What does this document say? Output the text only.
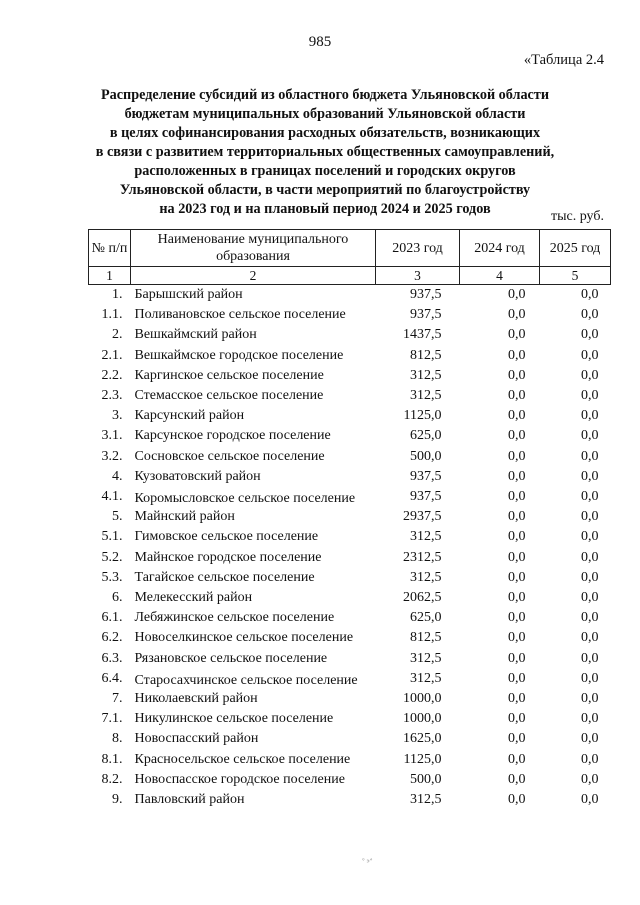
985
«Таблица 2.4
Распределение субсидий из областного бюджета Ульяновской области
бюджетам муниципальных образований Ульяновской области
в целях софинансирования расходных обязательств, возникающих
в связи с развитием территориальных общественных самоуправлений,
расположенных в границах поселений и городских округов
Ульяновской области, в части мероприятий по благоустройству
на 2023 год и на плановый период 2024 и 2025 годов	тыс. руб.
№ п/п	Наименование муниципального образования	2023 год	2024 год	2025 год
1	2	3	4	5
1.	Барышский район	937,5	0,0	0,0
1.1.	Поливановское сельское поселение	937,5	0,0	0,0
2.	Вешкаймский район	1437,5	0,0	0,0
2.1.	Вешкаймское городское поселение	812,5	0,0	0,0
2.2.	Каргинское сельское поселение	312,5	0,0	0,0
2.3.	Стемасское сельское поселение	312,5	0,0	0,0
3.	Карсунский район	1125,0	0,0	0,0
3.1.	Карсунское городское поселение	625,0	0,0	0,0
3.2.	Сосновское сельское поселение	500,0	0,0	0,0
4.	Кузоватовский район	937,5	0,0	0,0
4.1.	Коромысловское сельское поселение	937,5	0,0	0,0
5.	Майнский район	2937,5	0,0	0,0
5.1.	Гимовское сельское поселение	312,5	0,0	0,0
5.2.	Майнское городское поселение	2312,5	0,0	0,0
5.3.	Тагайское сельское поселение	312,5	0,0	0,0
6.	Мелекесский район	2062,5	0,0	0,0
6.1.	Лебяжинское сельское поселение	625,0	0,0	0,0
6.2.	Новоселкинское сельское поселение	812,5	0,0	0,0
6.3.	Рязановское сельское поселение	312,5	0,0	0,0
6.4.	Старосахчинское сельское поселение	312,5	0,0	0,0
7.	Николаевский район	1000,0	0,0	0,0
7.1.	Никулинское сельское поселение	1000,0	0,0	0,0
8.	Новоспасский район	1625,0	0,0	0,0
8.1.	Красносельское сельское поселение	1125,0	0,0	0,0
8.2.	Новоспасское городское поселение	500,0	0,0	0,0
9.	Павловский район	312,5	0,0	0,0
ﾟ꜄ﾞ
